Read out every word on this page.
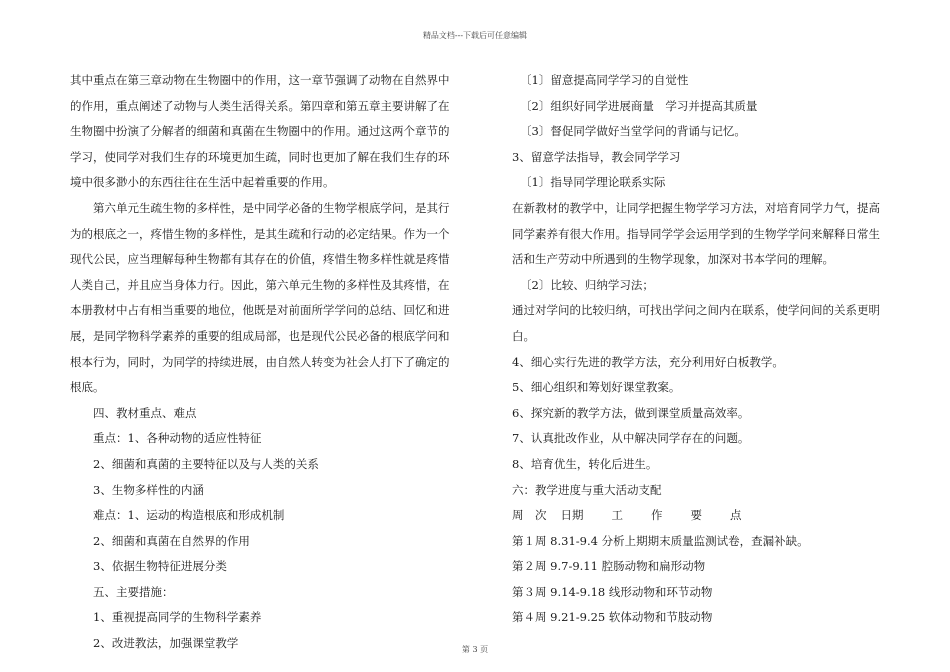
精品文档---下载后可任意编辑

其中重点在第三章动物在生物圈中的作用，这一章节强调了动物在自然界中的作用，重点阐述了动物与人类生活得关系。第四章和第五章主要讲解了在生物圈中扮演了分解者的细菌和真菌在生物圈中的作用。通过这两个章节的学习，使同学对我们生存的环境更加生疏，同时也更加了解在我们生存的环境中很多渺小的东西往往在生活中起着重要的作用。

第六单元生疏生物的多样性，是中同学必备的生物学根底学问，是其行为的根底之一，疼惜生物的多样性，是其生疏和行动的必定结果。作为一个现代公民，应当理解每种生物都有其存在的价值，疼惜生物多样性就是疼惜人类自己，并且应当身体力行。因此，第六单元生物的多样性及其疼惜，在本册教材中占有相当重要的地位，他既是对前面所学学问的总结、回忆和进展，是同学物科学素养的重要的组成局部，也是现代公民必备的根底学问和根本行为，同时，为同学的持续进展，由自然人转变为社会人打下了确定的根底。

四、教材重点、难点

重点：1、各种动物的适应性特征

2、细菌和真菌的主要特征以及与人类的关系

3、生物多样性的内涵

难点：1、运动的构造根底和形成机制

2、细菌和真菌在自然界的作用

3、依据生物特征进展分类

五、主要措施：

1、重视提高同学的生物科学素养

2、改进教法，加强课堂教学

〔1〕留意提高同学学习的自觉性

〔2〕组织好同学进展商量　学习并提高其质量

〔3〕督促同学做好当堂学问的背诵与记忆。

3、留意学法指导，教会同学学习

〔1〕指导同学理论联系实际

在新教材的教学中，让同学把握生物学学习方法，对培育同学力气，提高同学素养有很大作用。指导同学学会运用学到的生物学学问来解释日常生活和生产劳动中所遇到的生物学现象，加深对书本学问的理解。

〔2〕比较、归纳学习法；

通过对学问的比较归纳，可找出学问之间内在联系，使学问间的关系更明白。

4、细心实行先进的教学方法，充分利用好白板教学。

5、细心组织和筹划好课堂教案。

6、探究新的教学方法，做到课堂质量高效率。

7、认真批改作业，从中解决同学存在的问题。

8、培育优生，转化后进生。

六：教学进度与重大活动支配

周　次 日期 工 作 要 点

第１周 8.31-9.4 分析上期期末质量监测试卷，查漏补缺。

第２周 9.7-9.11 腔肠动物和扁形动物

第３周 9.14-9.18 线形动物和环节动物

第４周 9.21-9.25 软体动物和节肢动物

第 3 页
